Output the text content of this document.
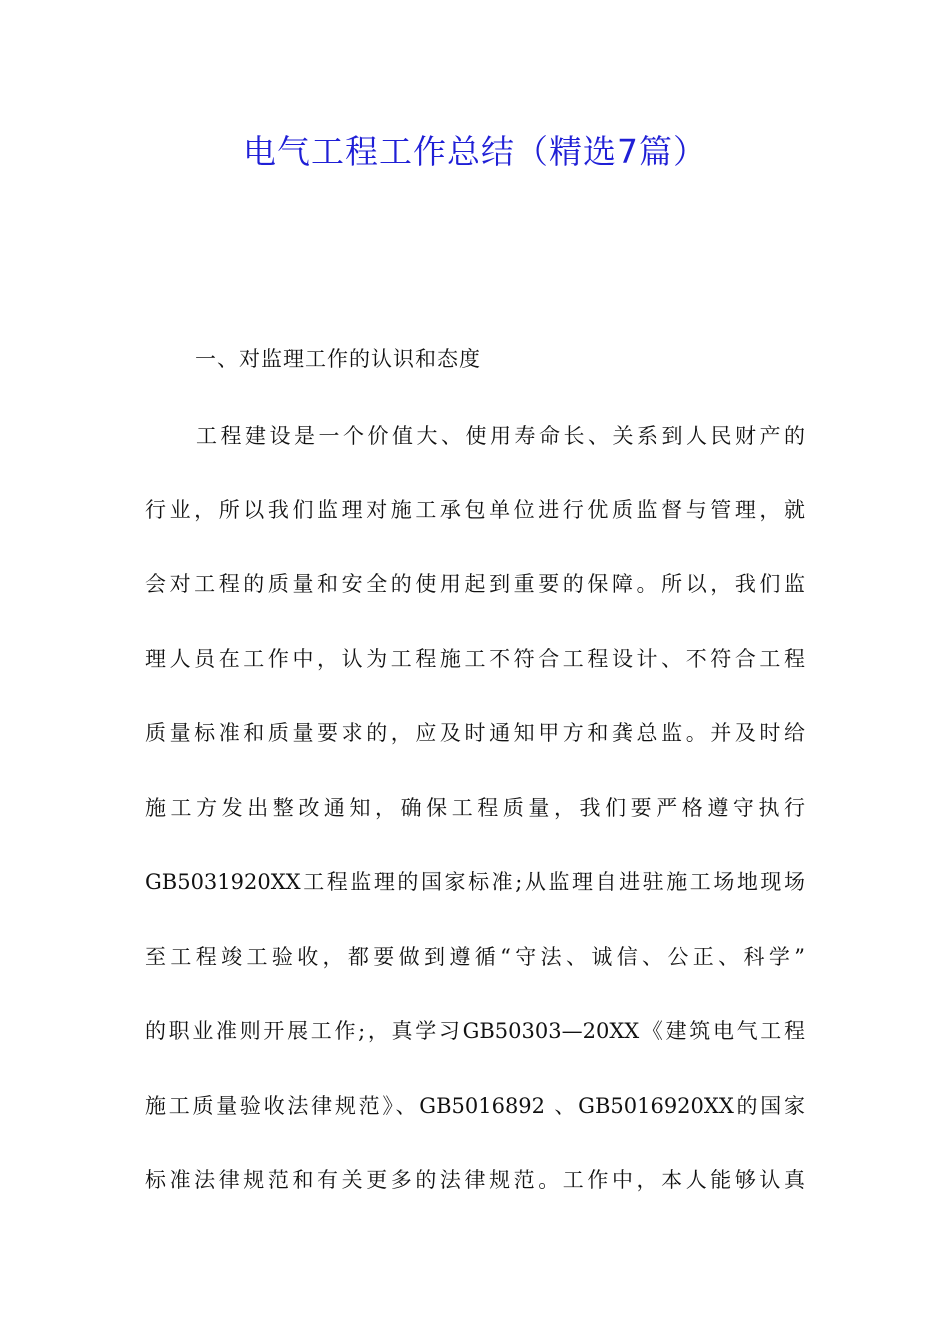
电气工程工作总结（精选7篇）
一、对监理工作的认识和态度
工程建设是一个价值大、使用寿命长、关系到人民财产的
行业，所以我们监理对施工承包单位进行优质监督与管理，就
会对工程的质量和安全的使用起到重要的保障。所以，我们监
理人员在工作中，认为工程施工不符合工程设计、不符合工程
质量标准和质量要求的，应及时通知甲方和龚总监。并及时给
施工方发出整改通知，确保工程质量，我们要严格遵守执行
GB5031920XX工程监理的国家标准;从监理自进驻施工场地现场
至工程竣工验收，都要做到遵循“守法、诚信、公正、科学”
的职业准则开展工作;，真学习GB50303—20XX《建筑电气工程
施工质量验收法律规范》、GB5016892 、GB5016920XX的国家
标准法律规范和有关更多的法律规范。工作中，本人能够认真
